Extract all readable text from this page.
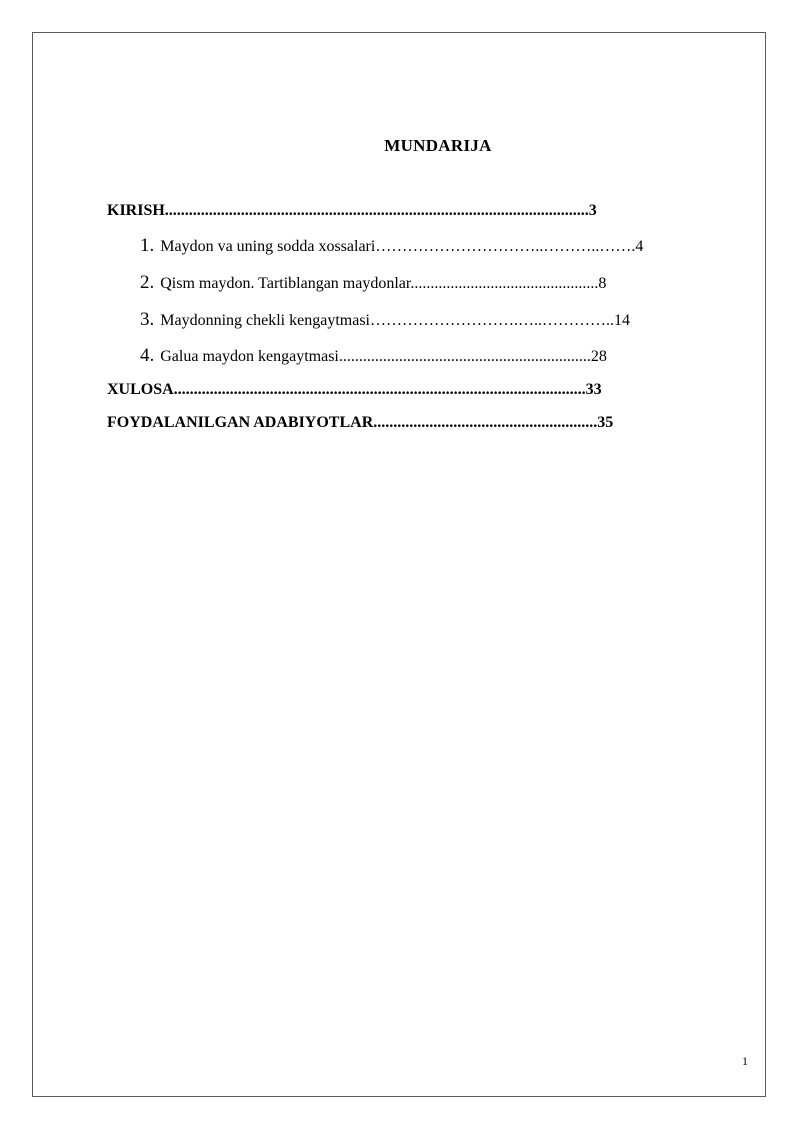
MUNDARIJA
KIRISH..........................................................................................................3
1. Maydon va uning sodda xossalari…………………………..………..…….4
2. Qism maydon. Tartiblangan maydonlar...............................................8
3. Maydonning chekli kengaytmasi……………………….…..…………..14
4. Galua maydon kengaytmasi...............................................................28
XULOSA.......................................................................................................33
FOYDALANILGAN ADABIYOTLAR........................................................35
1
